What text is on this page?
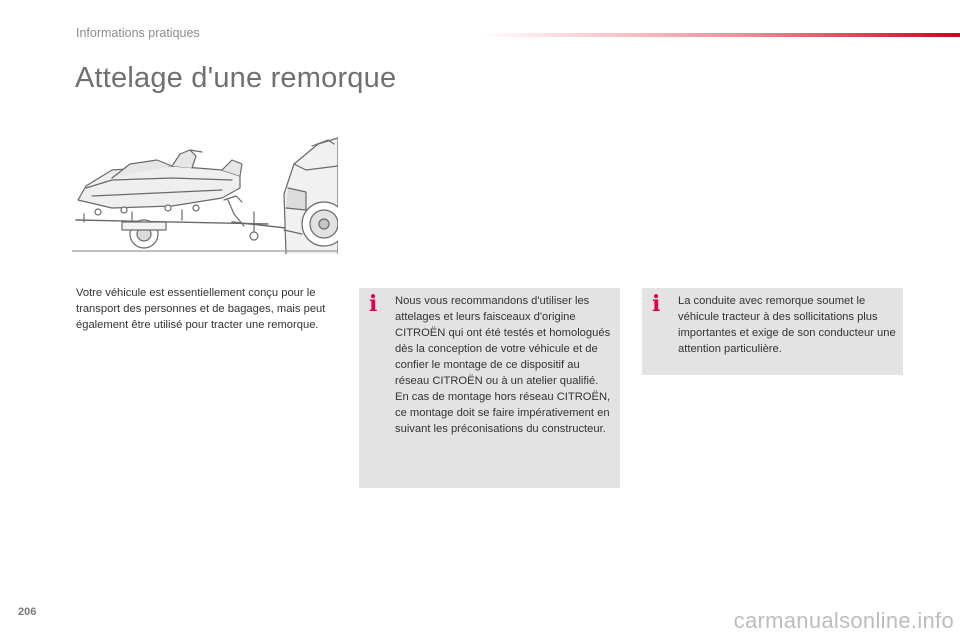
Informations pratiques
Attelage d'une remorque
Votre véhicule est essentiellement conçu pour le transport des personnes et de bagages, mais peut également être utilisé pour tracter une remorque.
i	Nous vous recommandons d'utiliser les attelages et leurs faisceaux d'origine CITROËN qui ont été testés et homologués dès la conception de votre véhicule et de confier le montage de ce dispositif au réseau CITROËN ou à un atelier qualifié.

En cas de montage hors réseau CITROËN, ce montage doit se faire impérativement en suivant les préconisations du constructeur.

i	La conduite avec remorque soumet le véhicule tracteur à des sollicitations plus importantes et exige de son conducteur une attention particulière.

206	carmanualsonline.info
